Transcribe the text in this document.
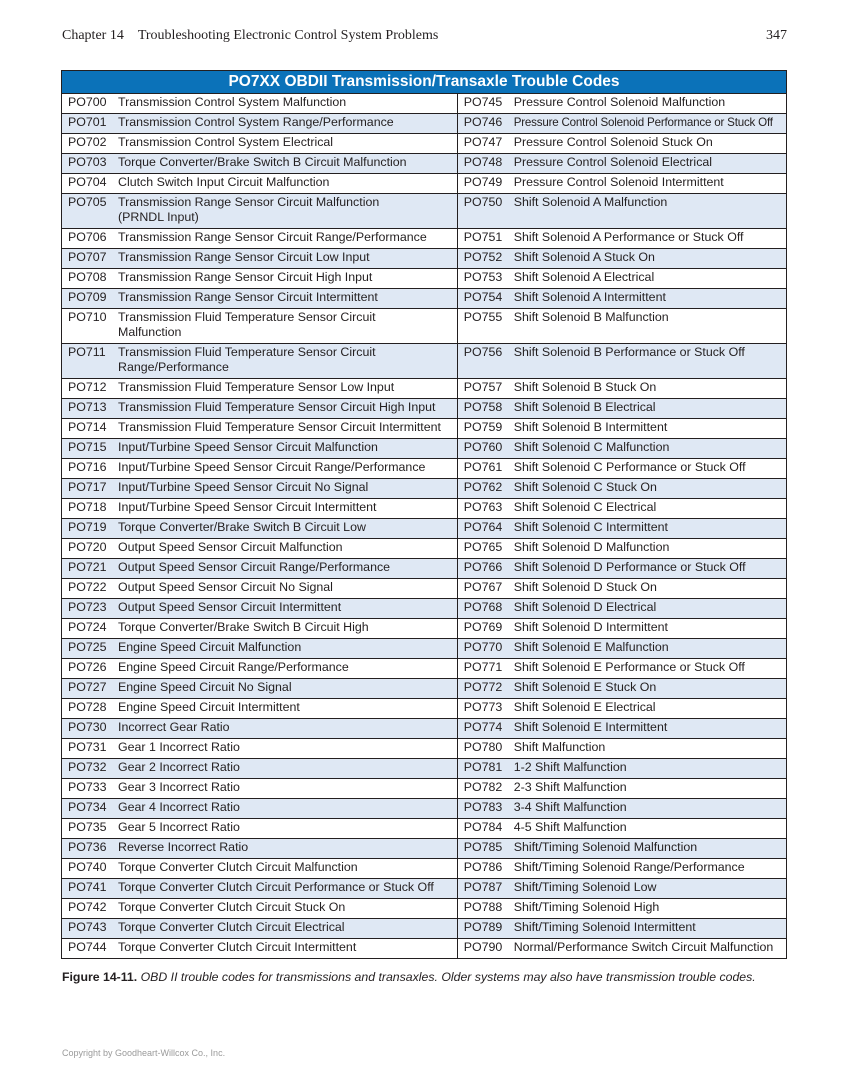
Chapter 14 Troubleshooting Electronic Control System Problems	347
PO7XX OBDII Transmission/Transaxle Trouble Codes			
PO700	Transmission Control System Malfunction	PO745	Pressure Control Solenoid Malfunction
PO701	Transmission Control System Range/Performance	PO746	Pressure Control Solenoid Performance or Stuck Off
PO702	Transmission Control System Electrical	PO747	Pressure Control Solenoid Stuck On
PO703	Torque Converter/Brake Switch B Circuit Malfunction	PO748	Pressure Control Solenoid Electrical
PO704	Clutch Switch Input Circuit Malfunction	PO749	Pressure Control Solenoid Intermittent
PO705	Transmission Range Sensor Circuit Malfunction
(PRNDL Input)	PO750	Shift Solenoid A Malfunction
PO706	Transmission Range Sensor Circuit Range/Performance	PO751	Shift Solenoid A Performance or Stuck Off
PO707	Transmission Range Sensor Circuit Low Input	PO752	Shift Solenoid A Stuck On
PO708	Transmission Range Sensor Circuit High Input	PO753	Shift Solenoid A Electrical
PO709	Transmission Range Sensor Circuit Intermittent	PO754	Shift Solenoid A Intermittent
PO710	Transmission Fluid Temperature Sensor Circuit
Malfunction	PO755	Shift Solenoid B Malfunction
PO711	Transmission Fluid Temperature Sensor Circuit
Range/Performance	PO756	Shift Solenoid B Performance or Stuck Off
PO712	Transmission Fluid Temperature Sensor Low Input	PO757	Shift Solenoid B Stuck On
PO713	Transmission Fluid Temperature Sensor Circuit High Input	PO758	Shift Solenoid B Electrical
PO714	Transmission Fluid Temperature Sensor Circuit Intermittent	PO759	Shift Solenoid B Intermittent
PO715	Input/Turbine Speed Sensor Circuit Malfunction	PO760	Shift Solenoid C Malfunction
PO716	Input/Turbine Speed Sensor Circuit Range/Performance	PO761	Shift Solenoid C Performance or Stuck Off
PO717	Input/Turbine Speed Sensor Circuit No Signal	PO762	Shift Solenoid C Stuck On
PO718	Input/Turbine Speed Sensor Circuit Intermittent	PO763	Shift Solenoid C Electrical
PO719	Torque Converter/Brake Switch B Circuit Low	PO764	Shift Solenoid C Intermittent
PO720	Output Speed Sensor Circuit Malfunction	PO765	Shift Solenoid D Malfunction
PO721	Output Speed Sensor Circuit Range/Performance	PO766	Shift Solenoid D Performance or Stuck Off
PO722	Output Speed Sensor Circuit No Signal	PO767	Shift Solenoid D Stuck On
PO723	Output Speed Sensor Circuit Intermittent	PO768	Shift Solenoid D Electrical
PO724	Torque Converter/Brake Switch B Circuit High	PO769	Shift Solenoid D Intermittent
PO725	Engine Speed Circuit Malfunction	PO770	Shift Solenoid E Malfunction
PO726	Engine Speed Circuit Range/Performance	PO771	Shift Solenoid E Performance or Stuck Off
PO727	Engine Speed Circuit No Signal	PO772	Shift Solenoid E Stuck On
PO728	Engine Speed Circuit Intermittent	PO773	Shift Solenoid E Electrical
PO730	Incorrect Gear Ratio	PO774	Shift Solenoid E Intermittent
PO731	Gear 1 Incorrect Ratio	PO780	Shift Malfunction
PO732	Gear 2 Incorrect Ratio	PO781	1-2 Shift Malfunction
PO733	Gear 3 Incorrect Ratio	PO782	2-3 Shift Malfunction
PO734	Gear 4 Incorrect Ratio	PO783	3-4 Shift Malfunction
PO735	Gear 5 Incorrect Ratio	PO784	4-5 Shift Malfunction
PO736	Reverse Incorrect Ratio	PO785	Shift/Timing Solenoid Malfunction
PO740	Torque Converter Clutch Circuit Malfunction	PO786	Shift/Timing Solenoid Range/Performance
PO741	Torque Converter Clutch Circuit Performance or Stuck Off	PO787	Shift/Timing Solenoid Low
PO742	Torque Converter Clutch Circuit Stuck On	PO788	Shift/Timing Solenoid High
PO743	Torque Converter Clutch Circuit Electrical	PO789	Shift/Timing Solenoid Intermittent
PO744	Torque Converter Clutch Circuit Intermittent	PO790	Normal/Performance Switch Circuit Malfunction
Figure 14-11. OBD II trouble codes for transmissions and transaxles. Older systems may also have transmission trouble codes.
Copyright by Goodheart-Willcox Co., Inc.
